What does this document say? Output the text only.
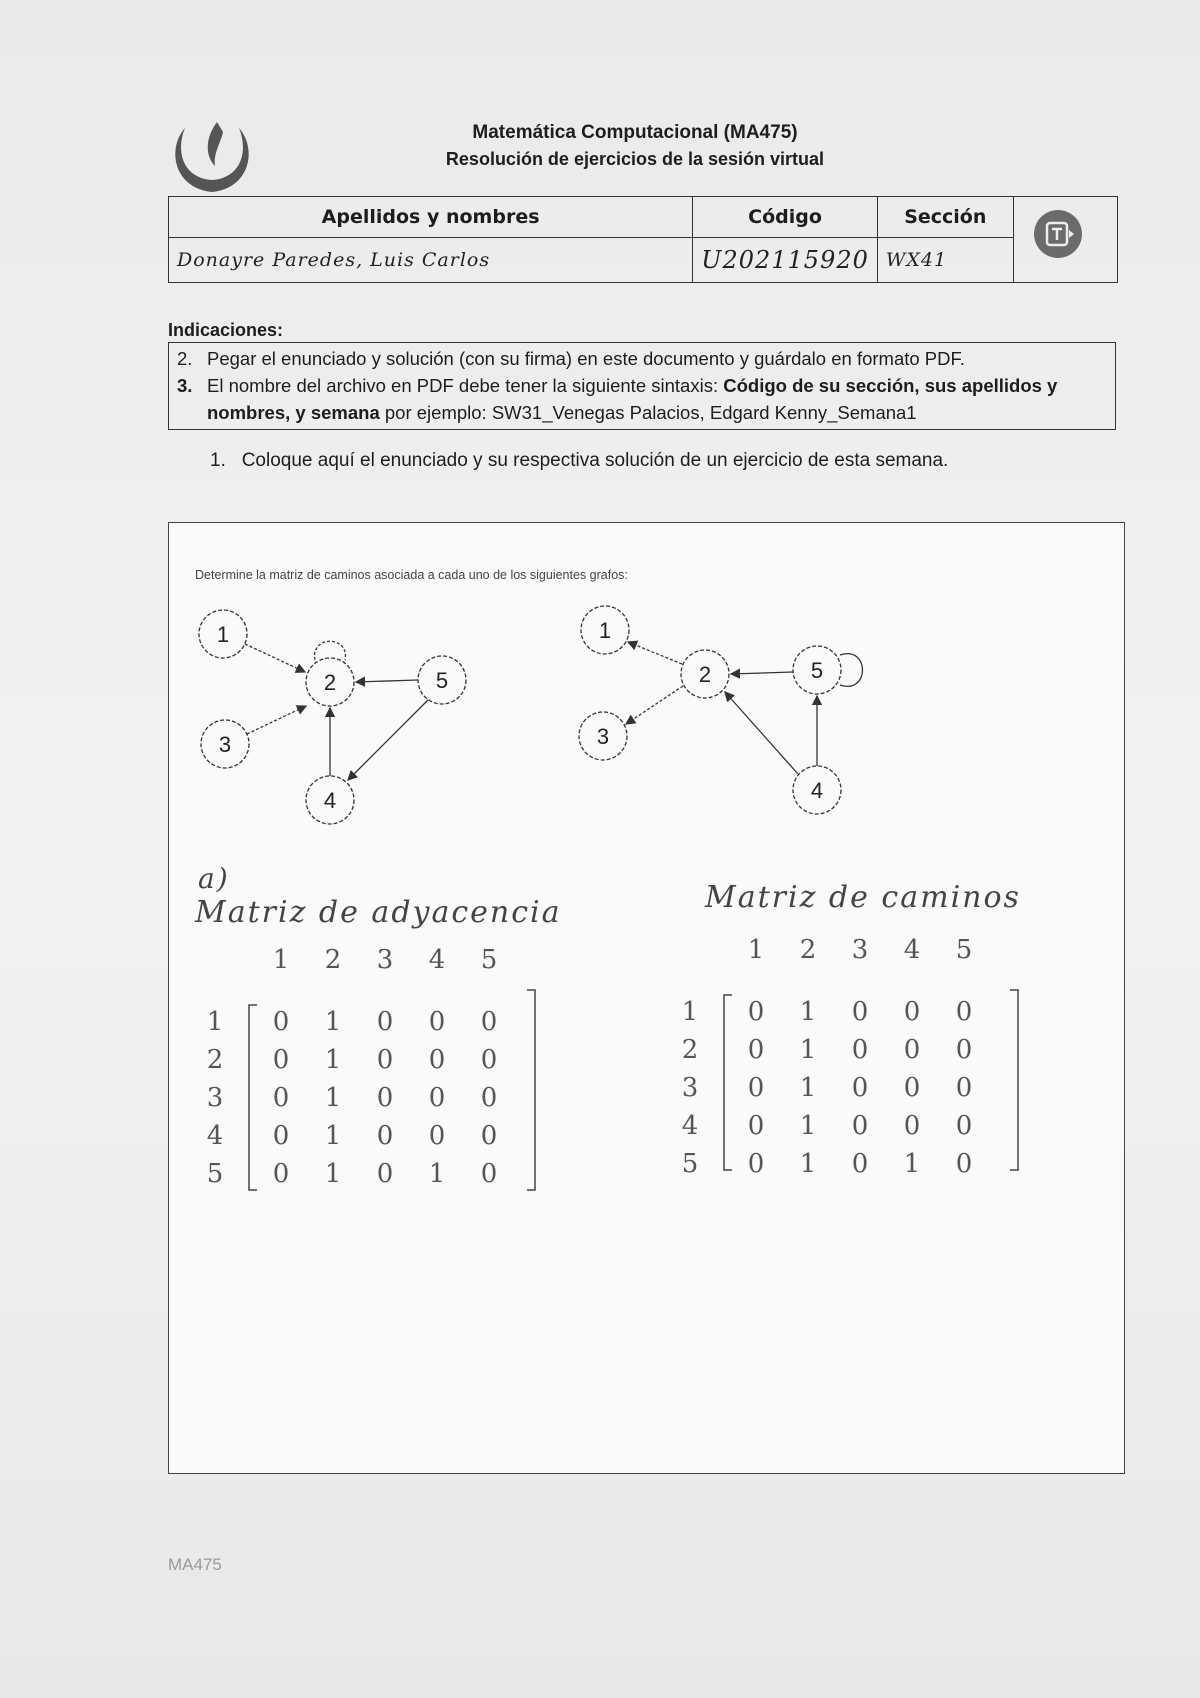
Matemática Computacional (MA475)
Resolución de ejercicios de la sesión virtual
Apellidos y nombres	Código	Sección	
Donayre Paredes, Luis Carlos	U202115920	WX41	
Indicaciones:
2. Pegar el enunciado y solución (con su firma) en este documento y guárdalo en formato PDF.
3. El nombre del archivo en PDF debe tener la siguiente sintaxis: Código de su sección, sus apellidos y nombres, y semana por ejemplo: SW31_Venegas Palacios, Edgard Kenny_Semana1
1. Coloque aquí el enunciado y su respectiva solución de un ejercicio de esta semana.
Determine la matriz de caminos asociada a cada uno de los siguientes grafos:
1
2
3
4
5
1
2
3
4
5
a)
Matriz de adyacencia	Matriz de caminos
1	2	3	4	5
1	0	1	0	0	0
2	0	1	0	0	0
3	0	1	0	0	0
4	0	1	0	0	0
5	0	1	0	1	0
1	2	3	4	5
1	0	1	0	0	0
2	0	1	0	0	0
3	0	1	0	0	0
4	0	1	0	0	0
5	0	1	0	1	0
MA475
